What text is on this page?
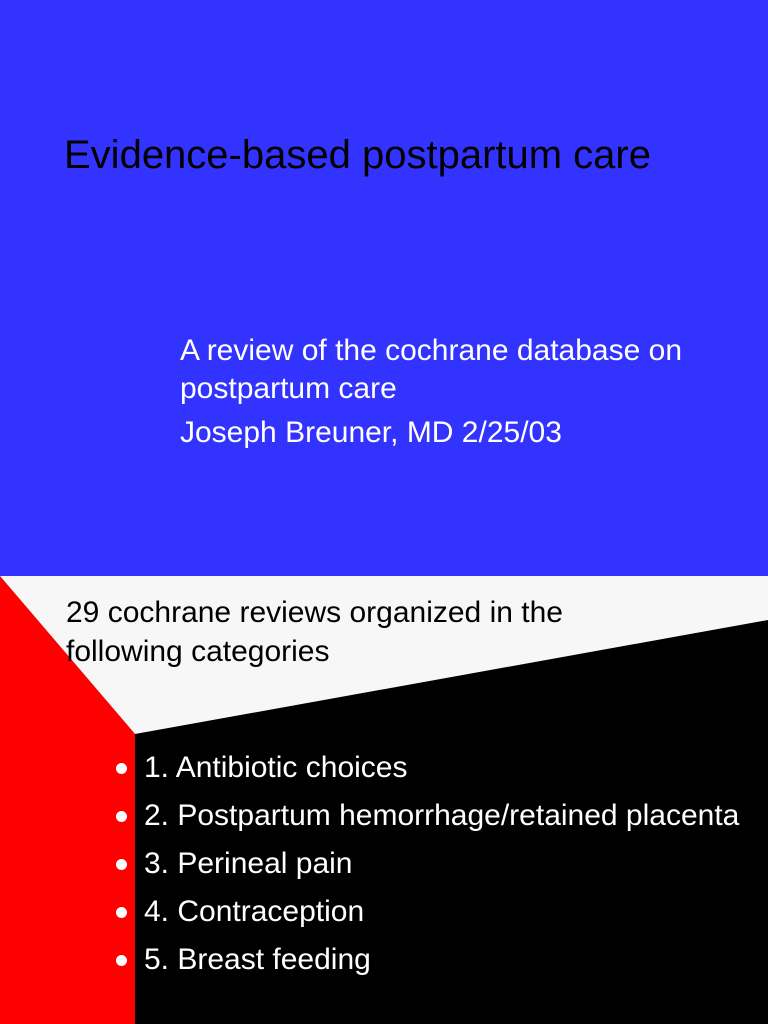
Evidence-based postpartum care

A review of the cochrane database on postpartum care

Joseph Breuner, MD 2/25/03

29 cochrane reviews organized in the following categories
1. Antibiotic choices
2. Postpartum hemorrhage/retained placenta
3. Perineal pain
4. Contraception
5. Breast feeding
